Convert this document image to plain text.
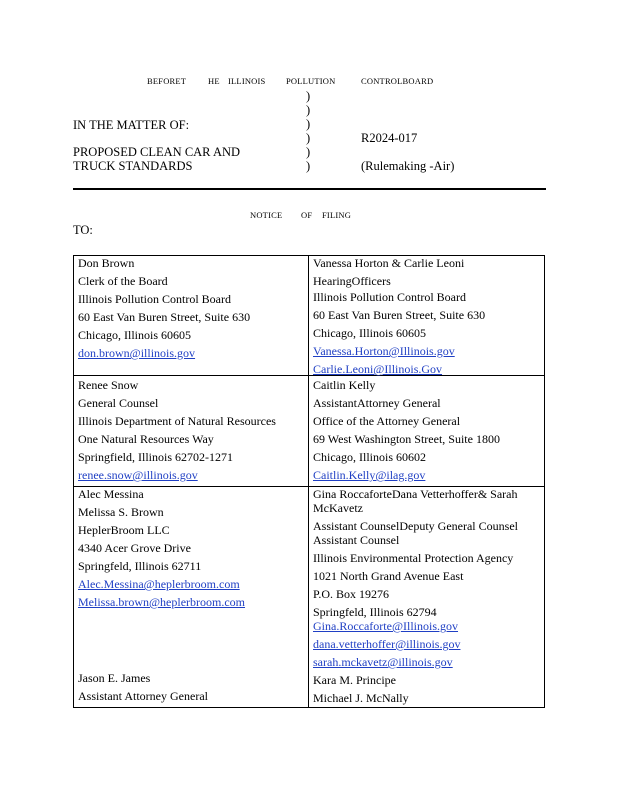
BEFORET	HE ILLINOIS POLLUTION	CONTROLBOARD
IN THE MATTER OF:
PROPOSED CLEAN CAR AND
TRUCK STANDARDS
)
)
)
)
)
)
R2024-017
(Rulemaking -Air)
NOTICE OF FILING
TO:
Don Brown
Clerk of the Board
Illinois Pollution Control Board
60 East Van Buren Street, Suite 630
Chicago, Illinois 60605
don.brown@illinois.gov
Vanessa Horton & Carlie Leoni
HearingOfficers
Illinois Pollution Control Board
60 East Van Buren Street, Suite 630
Chicago, Illinois 60605
Vanessa.Horton@Illinois.gov
Carlie.Leoni@Illinois.Gov
Renee Snow
General Counsel
Illinois Department of Natural Resources
One Natural Resources Way
Springfield, Illinois 62702-1271
renee.snow@illinois.gov
Caitlin Kelly
AssistantAttorney General
Office of the Attorney General
69 West Washington Street, Suite 1800
Chicago, Illinois 60602
Caitlin.Kelly@ilag.gov
Alec Messina
Melissa S. Brown
HeplerBroom LLC
4340 Acer Grove Drive
Springfeld, Illinois 62711
Alec.Messina@heplerbroom.com
Melissa.brown@heplerbroom.com
Jason E. James
Assistant Attorney General
Gina RoccaforteDana Vetterhoffer& Sarah
McKavetz
Assistant CounselDeputy General Counsel
Assistant Counsel
Illinois Environmental Protection Agency
1021 North Grand Avenue East
P.O. Box 19276
Springfeld, Illinois 62794
Gina.Roccaforte@Illinois.gov
dana.vetterhoffer@illinois.gov
sarah.mckavetz@illinois.gov
Kara M. Principe
Michael J. McNally
